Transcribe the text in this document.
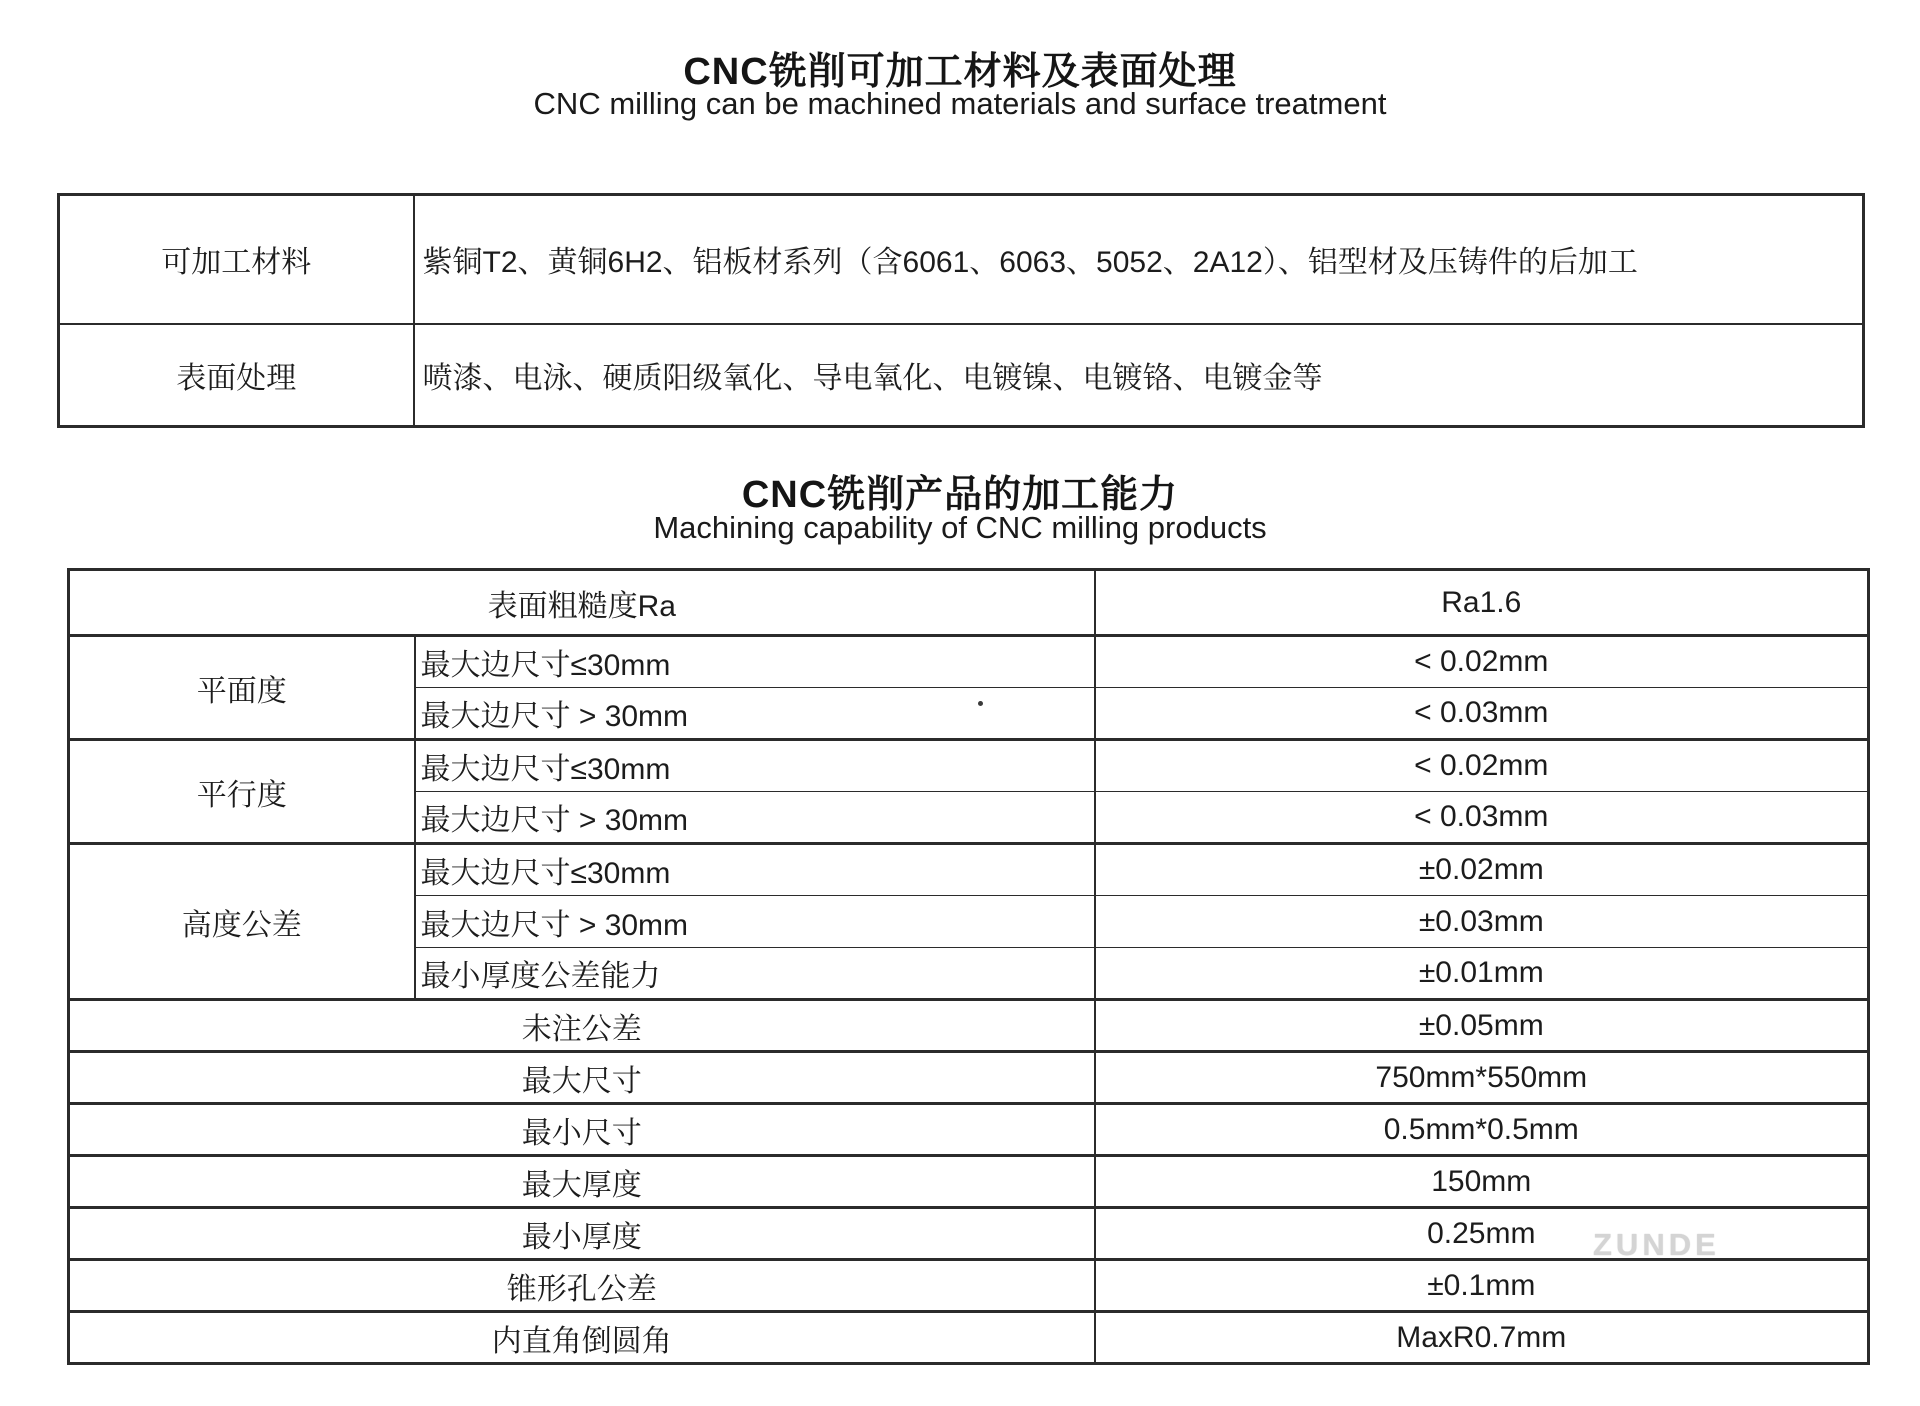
CNC铣削可加工材料及表面处理
CNC milling can be machined materials and surface treatment
可加工材料	紫铜T2、黄铜6H2、铝板材系列（含6061、6063、5052、2A12）、铝型材及压铸件的后加工
表面处理	喷漆、电泳、硬质阳级氧化、导电氧化、电镀镍、电镀铬、电镀金等
CNC铣削产品的加工能力
Machining capability of CNC milling products
表面粗糙度Ra		Ra1.6
平面度	最大边尺寸≤30mm	< 0.02mm
	最大边尺寸 > 30mm	< 0.03mm
平行度	最大边尺寸≤30mm	< 0.02mm
	最大边尺寸 > 30mm	< 0.03mm
高度公差	最大边尺寸≤30mm	±0.02mm
	最大边尺寸 > 30mm	±0.03mm
	最小厚度公差能力	±0.01mm
未注公差		±0.05mm
最大尺寸		750mm*550mm
最小尺寸		0.5mm*0.5mm
最大厚度		150mm
最小厚度		0.25mm
锥形孔公差		±0.1mm
内直角倒圆角		MaxR0.7mm
ZUNDE
